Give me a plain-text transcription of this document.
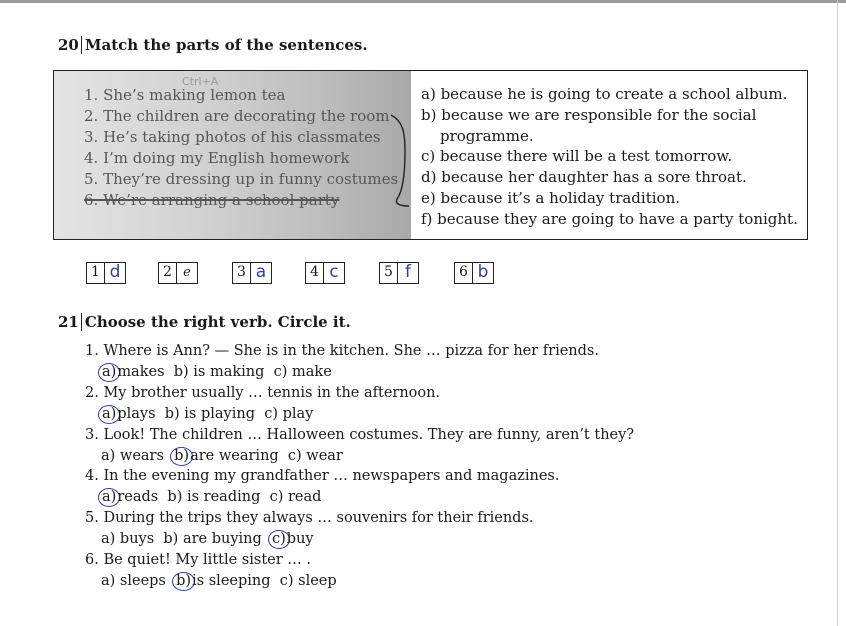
20 Match the parts of the sentences.
Ctrl+A
1. She’s making lemon tea
2. The children are decorating the room
3. He’s taking photos of his classmates
4. I’m doing my English homework
5. They’re dressing up in funny costumes
6. We’re arranging a school party
a) because he is going to create a school album.
b) because we are responsible for the social
programme.
c) because there will be a test tomorrow.
d) because her daughter has a sore throat.
e) because it’s a holiday tradition.
f) because they are going to have a party tonight.
1 d	2 e	3 a	4 c	5 f	6 b
21 Choose the right verb. Circle it.
1. Where is Ann? — She is in the kitchen. She … pizza for her friends.
a)makes b) is making c) make
2. My brother usually … tennis in the afternoon.
a)plays b) is playing c) play
3. Look! The children … Halloween costumes. They are funny, aren’t they?
a) wears b)are wearing c) wear
4. In the evening my grandfather … newspapers and magazines.
a)reads b) is reading c) read
5. During the trips they always … souvenirs for their friends.
a) buys b) are buying c)buy
6. Be quiet! My little sister … .
a) sleeps b)is sleeping c) sleep
